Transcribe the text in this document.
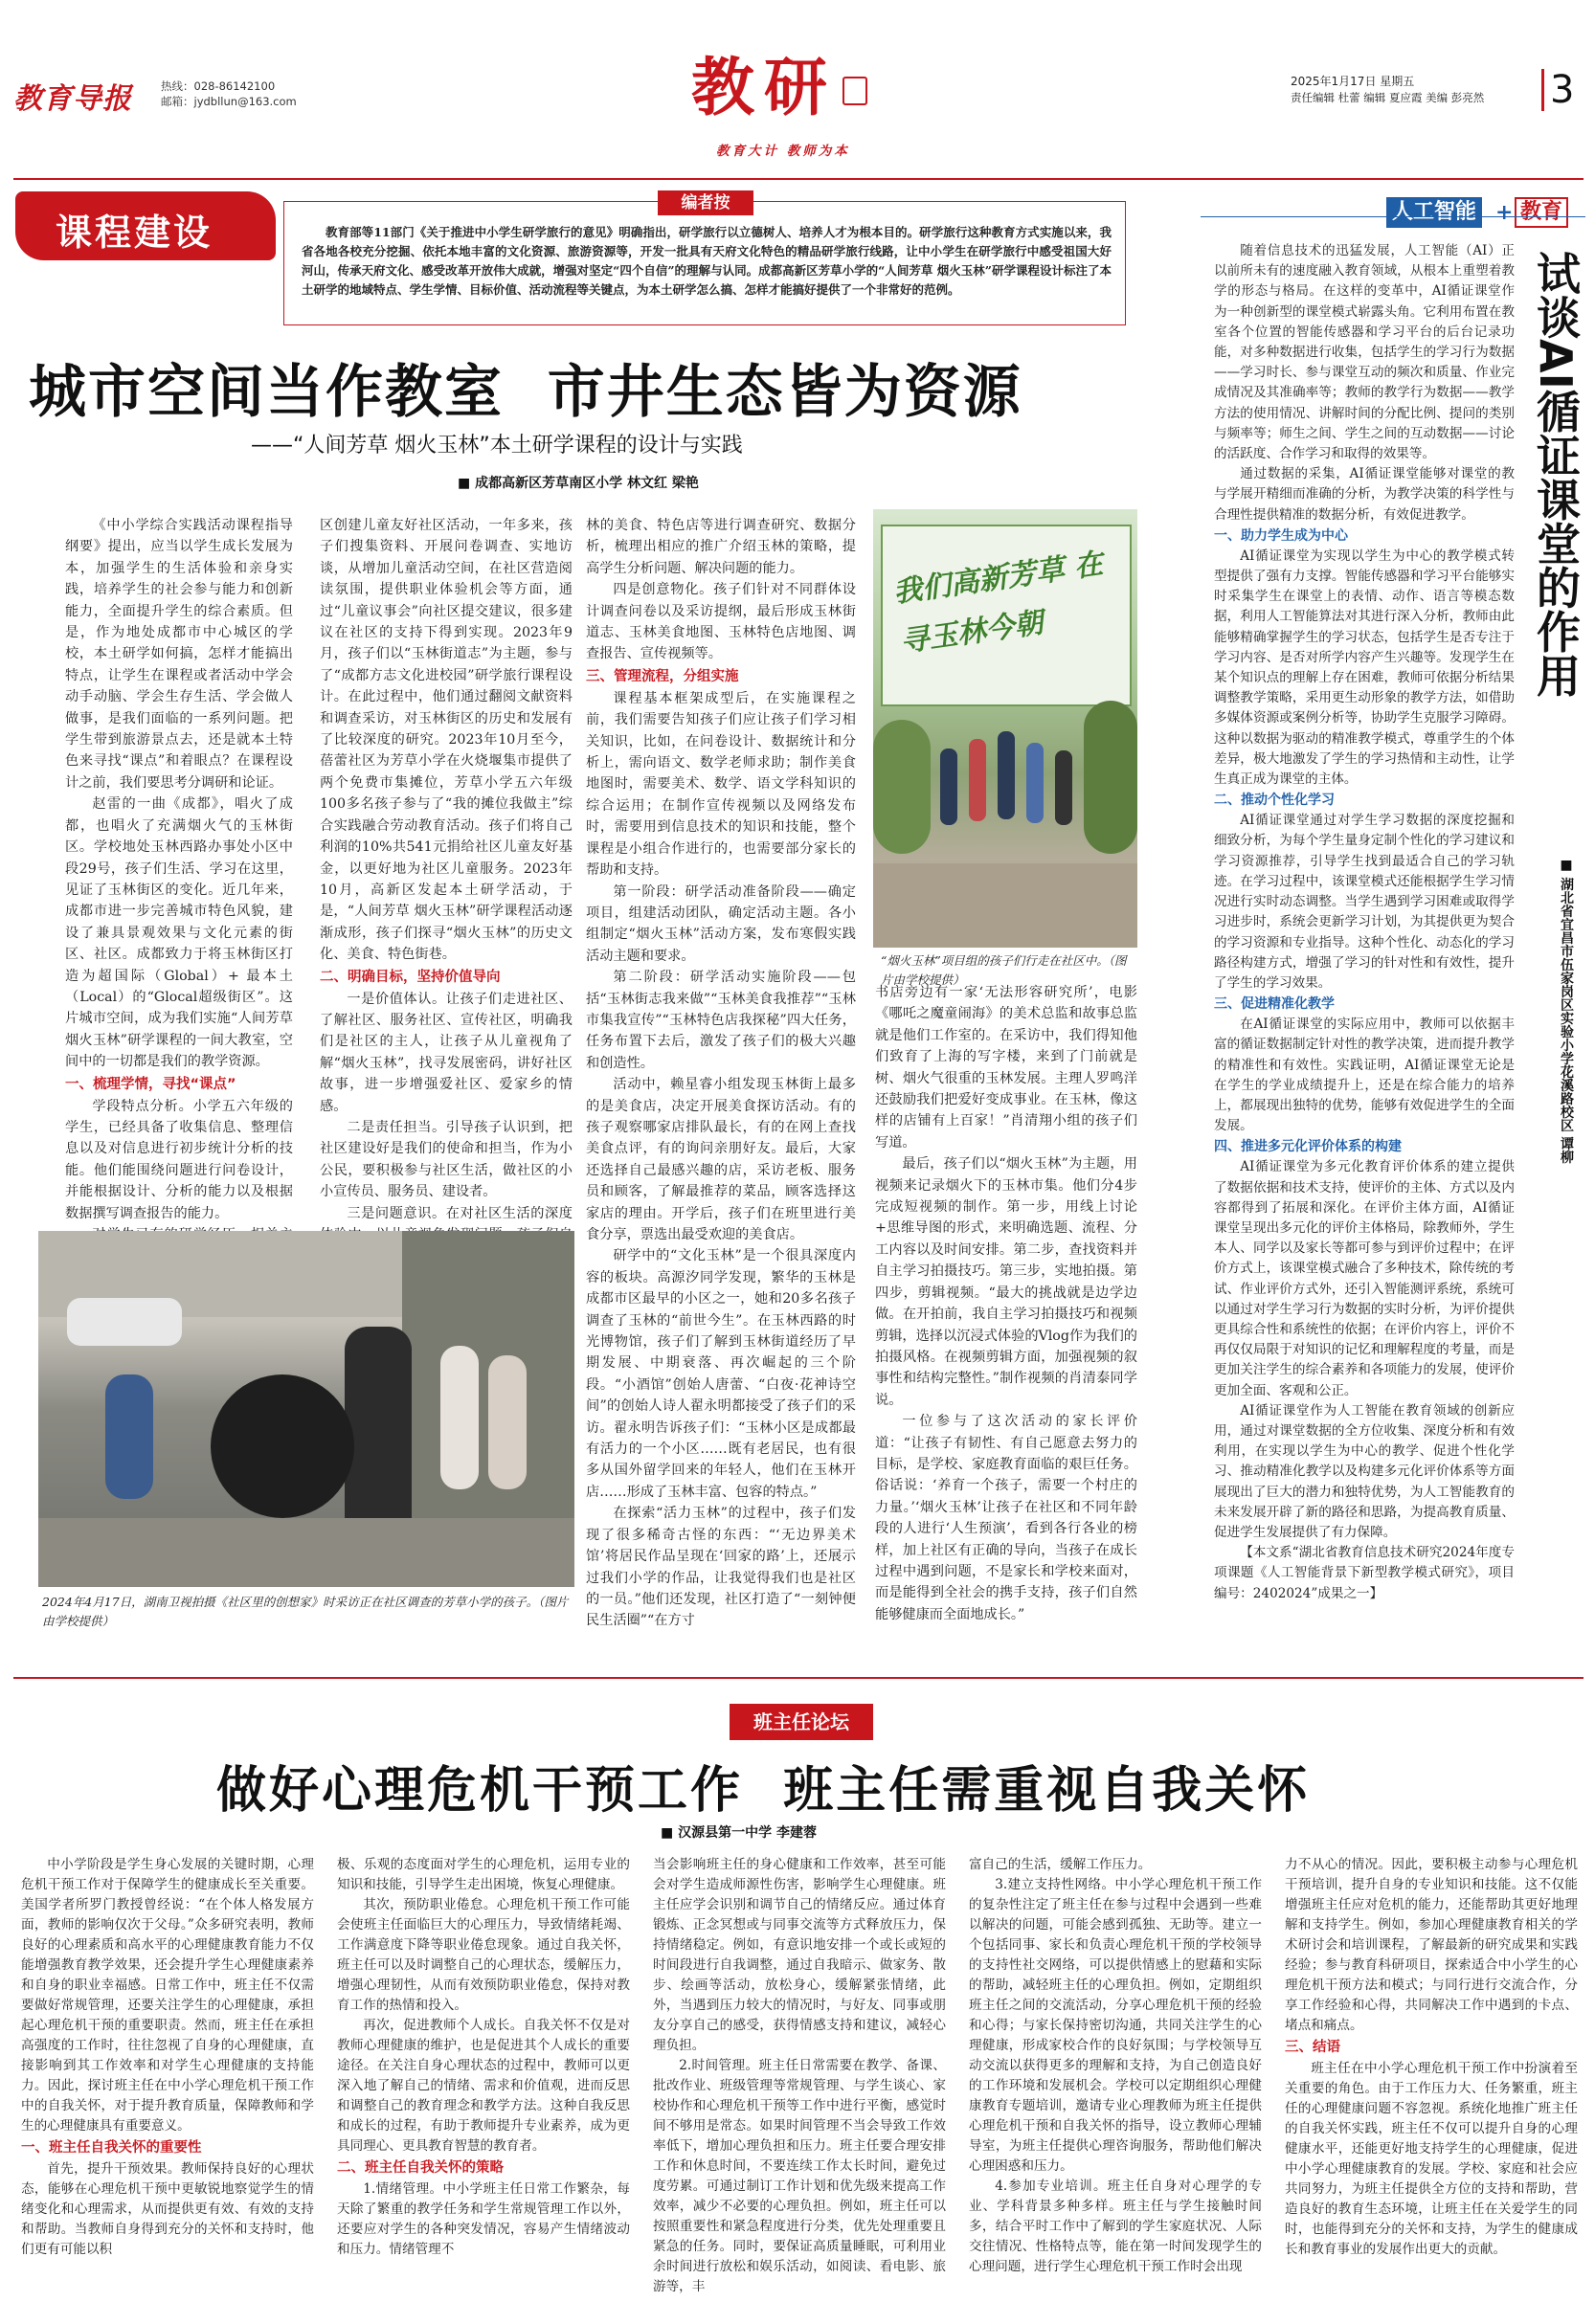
教育导报	热线：028-86142100
邮箱：jydbllun@163.com	教研
教育大计 教师为本
2025年1月17日 星期五
责任编辑 杜蕾 编辑 夏应霞 美编 彭亮然 3
课程建设
编者按
教育部等11部门《关于推进中小学生研学旅行的意见》明确指出，研学旅行以立德树人、培养人才为根本目的。研学旅行这种教育方式实施以来，我省各地各校充分挖掘、依托本地丰富的文化资源、旅游资源等，开发一批具有天府文化特色的精品研学旅行线路，让中小学生在研学旅行中感受祖国大好河山，传承天府文化、感受改革开放伟大成就，增强对坚定“四个自信”的理解与认同。成都高新区芳草小学的“人间芳草 烟火玉林”研学课程设计标注了本土研学的地域特点、学生学情、目标价值、活动流程等关键点，为本土研学怎么搞、怎样才能搞好提供了一个非常好的范例。
城市空间当作教室  市井生态皆为资源
——“人间芳草 烟火玉林”本土研学课程的设计与实践
■ 成都高新区芳草南区小学 林文红 梁艳

《中小学综合实践活动课程指导纲要》提出，应当以学生成长发展为本，加强学生的生活体验和亲身实践，培养学生的社会参与能力和创新能力，全面提升学生的综合素质。但是，作为地处成都市中心城区的学校，本土研学如何搞，怎样才能搞出特点，让学生在课程或者活动中学会动手动脑、学会生存生活、学会做人做事，是我们面临的一系列问题。把学生带到旅游景点去，还是就本土特色来寻找“课点”和着眼点？在课程设计之前，我们要思考分调研和论证。

赵雷的一曲《成都》，唱火了成都，也唱火了充满烟火气的玉林街区。学校地处玉林西路办事处小区中段29号，孩子们生活、学习在这里，见证了玉林街区的变化。近几年来，成都市进一步完善城市特色风貌，建设了兼具景观效果与文化元素的街区、社区。成都致力于将玉林街区打造为超国际（Global）+ 最本土（Local）的“Glocal超级街区”。这片城市空间，成为我们实施“人间芳草 烟火玉林”研学课程的一间大教室，空间中的一切都是我们的教学资源。

一、梳理学情，寻找“课点”

学段特点分析。小学五六年级的学生，已经具备了收集信息、整理信息以及对信息进行初步统计分析的技能。他们能围绕问题进行问卷设计，并能根据设计、分析的能力以及根据数据撰写调查报告的能力。

区创建儿童友好社区活动，一年多来，孩子们搜集资料、开展问卷调查、实地访谈，从增加儿童活动空间，在社区营造阅读氛围，提供职业体验机会等方面，通过“儿童议事会”向社区提交建议，很多建议在社区的支持下得到实现。2023年9月，孩子们以“玉林街道志”为主题，参与了“成都方志文化进校园”研学旅行课程设计。在此过程中，他们通过翻阅文献资料和调查采访，对玉林街区的历史和发展有了比较深度的研究。2023年10月至今，蓓蕾社区为芳草小学在火烧堰集市提供了两个免费市集摊位，芳草小学五六年级100多名孩子参与了“我的摊位我做主”综合实践融合劳动教育活动。孩子们将自己利润的10%共541元捐给社区儿童友好基金，以更好地为社区儿童服务。2023年10月，高新区发起本土研学活动，于是，“人间芳草 烟火玉林”研学课程活动逐渐成形，孩子们探寻“烟火玉林”的历史文化、美食、特色街巷。

二、明确目标，坚持价值导向

一是价值体认。让孩子们走进社区、了解社区、服务社区、宣传社区，明确我们是社区的主人，让孩子从儿童视角了解“烟火玉林”，找寻发展密码，讲好社区故事，进一步增强爱社区、爱家乡的情感。

二是责任担当。引导孩子认识到，把社区建设好是我们的使命和担当，作为小公民，要积极参与社区生活，做社区的小小宣传员、服务员、建设者。

三是问题意识。在对社区生活的深度

林的美食、特色店等进行调查研究、数据分析，梳理出相应的推广介绍玉林的策略，提高学生分析问题、解决问题的能力。

四是创意物化。孩子们针对不同群体设计调查问卷以及采访提纲，最后形成玉林街道志、玉林美食地图、玉林特色店地图、调查报告、宣传视频等。

三、管理流程，分组实施

课程基本框架成型后，在实施课程之前，我们需要告知孩子们应让孩子们学习相关知识，比如，在问卷设计、数据统计和分析上，需向语文、数学老师求助；制作美食地图时，需要美术、数学、语文学科知识的综合运用；在制作宣传视频以及网络发布时，需要用到信息技术的知识和技能，整个课程是小组合作进行的，也需要部分家长的帮助和支持。

第一阶段：研学活动准备阶段——确定项目，组建活动团队，确定活动主题。各小组制定“烟火玉林”活动方案，发布寒假实践活动主题和要求。

第二阶段：研学活动实施阶段——包括“玉林街志我来做”“玉林美食我推荐”“玉林市集我宣传”“玉林特色店我探秘”四大任务，任务布置下去后，激发了孩子们的极大兴趣和创造性。

活动中，赖星睿小组发现玉林街上最多的是美食店，决定开展美食探访活动。有的孩子观察哪家店排队最长，有的在网上查找美食点评，有的询问亲朋好友。最后，大家还选择自己最感兴趣的店，采访老板、服务员和顾客，了解最推荐的菜品，顾客选择这家店的理由。开学后，孩子们在班里进行美食分享，票选出最受欢迎的美食店。

研学中的“文化玉林”是一个很具深度内容的板块。高源汐同学发现，繁华的玉林是成都市区最早的小区之一，她和20多名孩子调查了玉林的“前世今生”。在玉林西路的时光博物馆，孩子们了解到玉林街道经历了早期发展、中期衰落、再次崛起的三个阶段。“小酒馆”创始人唐蕾、“白夜·花神诗空间”的创始人诗人翟永明都接受了孩子们的采访。翟永明告诉孩子们：“玉林小区是成都最有活力的一个小区……既有老居民，也有很多从国外留学回来的年轻人，他们在玉林开店……形成了玉林丰富、包容的特点。”

在探索“活力玉林”的过程中，孩子们发现了很多稀奇古怪的东西：“‘无边界美术馆’将居民作品呈现在‘回家的路’上，还展示过我们小学的作品，让我觉得我们也是社区的一员。”他们还发现，社区打造了“一刻钟便民生活圈”“在方寸

书店旁边有一家‘无法形容研究所’，电影《哪吒之魔童闹海》的美术总监和故事总监就是他们工作室的。在采访中，我们得知他们致育了上海的写字楼，来到了门前就是树、烟火气很重的玉林发展。主理人罗鸣洋还鼓励我们把爱好变成事业。在玉林，像这样的店铺有上百家！”肖清翔小组的孩子们写道。

最后，孩子们以“烟火玉林”为主题，用视频来记录烟火下的玉林市集。他们分4步完成短视频的制作。第一步，用线上讨论+思维导图的形式，来明确选题、流程、分工内容以及时间安排。第二步，查找资料并自主学习拍摄技巧。第三步，实地拍摄。第四步，剪辑视频。“最大的挑战就是边学边做。在开拍前，我自主学习拍摄技巧和视频剪辑，选择以沉浸式体验的Vlog作为我们的拍摄风格。在视频剪辑方面，加强视频的叙事性和结构完整性。”制作视频的肖清泰同学说。

一位参与了这次活动的家长评价道：“让孩子有韧性、有自己愿意去努力的目标，是学校、家庭教育面临的艰巨任务。俗话说：‘养育一个孩子，需要一个村庄的力量。’‘烟火玉林’让孩子在社区和不同年龄段的人进行‘人生预演’，看到各行各业的榜样，加上社区有正确的导向，当孩子在成长过程中遇到问题，不是家长和学校来面对，而是能得到全社会的携手支持，孩子们自然能够健康而全面地成长。”

我们高新芳草 在寻玉林今朝
“烟火玉林”项目组的孩子们行走在社区中。（图片由学校提供）
2024年4月17日，湖南卫视拍摄《社区里的创想家》时采访正在社区调查的芳草小学的孩子。（图片由学校提供）
人工智能 + 教育

随着信息技术的迅猛发展，人工智能（AI）正以前所未有的速度融入教育领域，从根本上重塑着教学的形态与格局。在这样的变革中，AI循证课堂作为一种创新型的课堂模式崭露头角。它利用布置在教室各个位置的智能传感器和学习平台的后台记录功能，对多种数据进行收集，包括学生的学习行为数据——学习时长、参与课堂互动的频次和质量、作业完成情况及其准确率等；教师的教学行为数据——教学方法的使用情况、讲解时间的分配比例、提问的类别与频率等；师生之间、学生之间的互动数据——讨论的活跃度、合作学习和取得的效果等。

通过数据的采集，AI循证课堂能够对课堂的教与学展开精细而准确的分析，为教学决策的科学性与合理性提供精准的数据分析，有效促进教学。

一、助力学生成为中心

AI循证课堂为实现以学生为中心的教学模式转型提供了强有力支撑。智能传感器和学习平台能够实时采集学生在课堂上的表情、动作、语言等模态数据，利用人工智能算法对其进行深入分析，教师由此能够精确掌握学生的学习状态，包括学生是否专注于学习内容、是否对所学内容产生兴趣等。发现学生在某个知识点的理解上存在困难，教师可依据分析结果调整教学策略，采用更生动形象的教学方法，如借助多媒体资源或案例分析等，协助学生克服学习障碍。这种以数据为驱动的精准教学模式，尊重学生的个体差异，极大地激发了学生的学习热情和主动性，让学生真正成为课堂的主体。

二、推动个性化学习

AI循证课堂通过对学生学习数据的深度挖掘和细致分析，为每个学生量身定制个性化的学习建议和学习资源推荐，引导学生找到最适合自己的学习轨迹。在学习过程中，该课堂模式还能根据学生学习情况进行实时动态调整。当学生遇到学习困难或取得学习进步时，系统会更新学习计划，为其提供更为契合的学习资源和专业指导。这种个性化、动态化的学习路径构建方式，增强了学习的针对性和有效性，提升了学生的学习效果。

三、促进精准化教学

在AI循证课堂的实际应用中，教师可以依据丰富的循证数据制定针对性的教学决策，进而提升教学的精准性和有效性。实践证明，AI循证课堂无论是在学生的学业成绩提升上，还是在综合能力的培养上，都展现出独特的优势，能够有效促进学生的全面发展。

四、推进多元化评价体系的构建

AI循证课堂为多元化教育评价体系的建立提供了数据依据和技术支持，使评价的主体、方式以及内容都得到了拓展和深化。在评价主体方面，AI循证课堂呈现出多元化的评价主体格局，除教师外，学生本人、同学以及家长等都可参与到评价过程中；在评价方式上，该课堂模式融合了多种技术，除传统的考试、作业评价方式外，还引入智能测评系统，系统可以通过对学生学习行为数据的实时分析，为评价提供更具综合性和系统性的依据；在评价内容上，评价不再仅仅局限于对知识的记忆和理解程度的考量，而是更加关注学生的综合素养和各项能力的发展，使评价更加全面、客观和公正。

AI循证课堂作为人工智能在教育领域的创新应用，通过对课堂数据的全方位收集、深度分析和有效利用，在实现以学生为中心的教学、促进个性化学习、推动精准化教学以及构建多元化评价体系等方面展现出了巨大的潜力和独特优势，为人工智能教育的未来发展开辟了新的路径和思路，为提高教育质量、促进学生发展提供了有力保障。

【本文系“湖北省教育信息技术研究2024年度专项课题《人工智能背景下新型教学模式研究》，项目编号：2402024”成果之一】

试谈AI循证课堂的作用
■ 湖北省宜昌市伍家岗区实验小学花溪路校区 谭柳
班主任论坛
做好心理危机干预工作  班主任需重视自我关怀
■ 汉源县第一中学 李建蓉

中小学阶段是学生身心发展的关键时期，心理危机干预工作对于保障学生的健康成长至关重要。美国学者所罗门教授曾经说：“在个体人格发展方面，教师的影响仅次于父母。”众多研究表明，教师良好的心理素质和高水平的心理健康教育能力不仅能增强教育教学效果，还会提升学生心理健康素养和自身的职业幸福感。日常工作中，班主任不仅需要做好常规管理，还要关注学生的心理健康，承担起心理危机干预的重要职责。然而，班主任在承担高强度的工作时，往往忽视了自身的心理健康，直接影响到其工作效率和对学生心理健康的支持能力。因此，探讨班主任在中小学心理危机干预工作中的自我关怀，对于提升教育质量，保障教师和学生的心理健康具有重要意义。

一、班主任自我关怀的重要性

首先，提升干预效果。教师保持良好的心理状态，能够在心理危机干预中更敏锐地察觉学生的情绪变化和心理需求，从而提供更有效、有效的支持和帮助。当教师自身得到充分的关怀和支持时，他们更有可能以积

极、乐观的态度面对学生的心理危机，运用专业的知识和技能，引导学生走出困境，恢复心理健康。

其次，预防职业倦怠。心理危机干预工作可能会使班主任面临巨大的心理压力，导致情绪耗竭、工作满意度下降等职业倦怠现象。通过自我关怀，班主任可以及时调整自己的心理状态，缓解压力，增强心理韧性，从而有效预防职业倦怠，保持对教育工作的热情和投入。

再次，促进教师个人成长。自我关怀不仅是对教师心理健康的维护，也是促进其个人成长的重要途径。在关注自身心理状态的过程中，教师可以更深入地了解自己的情绪、需求和价值观，进而反思和调整自己的教育理念和教学方法。这种自我反思和成长的过程，有助于教师提升专业素养，成为更具同理心、更具教育智慧的教育者。

二、班主任自我关怀的策略

1.情绪管理。中小学班主任日常工作繁杂，每天除了繁重的教学任务和学生常规管理工作以外，还要应对学生的各种突发情况，容易产生情绪波动和压力。情绪管理不

当会影响班主任的身心健康和工作效率，甚至可能会对学生造成师源性伤害，影响学生心理健康。班主任应学会识别和调节自己的情绪反应。通过体育锻炼、正念冥想或与同事交流等方式释放压力，保持情绪稳定。例如，有意识地安排一个或长或短的时间段进行自我调整，通过自我暗示、做家务、散步、绘画等活动，放松身心，缓解紧张情绪，此外，当遇到压力较大的情况时，与好友、同事或朋友分享自己的感受，获得情感支持和建议，减轻心理负担。

2.时间管理。班主任日常需要在教学、备课、批改作业、班级管理等常规管理、与学生谈心、家校协作和心理危机干预等工作中进行平衡，感觉时间不够用是常态。如果时间管理不当会导致工作效率低下，增加心理负担和压力。班主任要合理安排工作和休息时间，不要连续工作太长时间，避免过度劳累。可通过制订工作计划和优先级来提高工作效率，减少不必要的心理负担。例如，班主任可以按照重要性和紧急程度进行分类，优先处理重要且紧急的任务。同时，要保证高质量睡眠，可利用业余时间进行放松和娱乐活动，如阅读、看电影、旅游等，丰

富自己的生活，缓解工作压力。

3.建立支持性网络。中小学心理危机干预工作的复杂性注定了班主任在参与过程中会遇到一些难以解决的问题，可能会感到孤独、无助等。建立一个包括同事、家长和负责心理危机干预的学校领导的支持性社交网络，可以提供情感上的慰藉和实际的帮助，减轻班主任的心理负担。例如，定期组织班主任之间的交流活动，分享心理危机干预的经验和心得；与家长保持密切沟通，共同关注学生的心理健康，形成家校合作的良好氛围；与学校领导互动交流以获得更多的理解和支持，为自己创造良好的工作环境和发展机会。学校可以定期组织心理健康教育专题培训，邀请专业心理教师为班主任提供心理危机干预和自我关怀的指导，设立教师心理辅导室，为班主任提供心理咨询服务，帮助他们解决心理困惑和压力。

4.参加专业培训。班主任自身对心理学的专业、学科背景多种多样。班主任与学生接触时间多，结合平时工作中了解到的学生家庭状况、人际交往情况、性格特点等，能在第一时间发现学生的心理问题，进行学生心理危机干预工作时会出现

力不从心的情况。因此，要积极主动参与心理危机干预培训，提升自身的专业知识和技能。这不仅能增强班主任应对危机的能力，还能帮助其更好地理解和支持学生。例如，参加心理健康教育相关的学术研讨会和培训课程，了解最新的研究成果和实践经验；参与教育科研项目，探索适合中小学生的心理危机干预方法和模式；与同行进行交流合作，分享工作经验和心得，共同解决工作中遇到的卡点、堵点和痛点。

三、结语

班主任在中小学心理危机干预工作中扮演着至关重要的角色。由于工作压力大、任务繁重，班主任的心理健康问题不容忽视。系统化地推广班主任的自我关怀实践，班主任不仅可以提升自身的心理健康水平，还能更好地支持学生的心理健康，促进中小学心理健康教育的发展。学校、家庭和社会应共同努力，为班主任提供全方位的支持和帮助，营造良好的教育生态环境，让班主任在关爱学生的同时，也能得到充分的关怀和支持，为学生的健康成长和教育事业的发展作出更大的贡献。
